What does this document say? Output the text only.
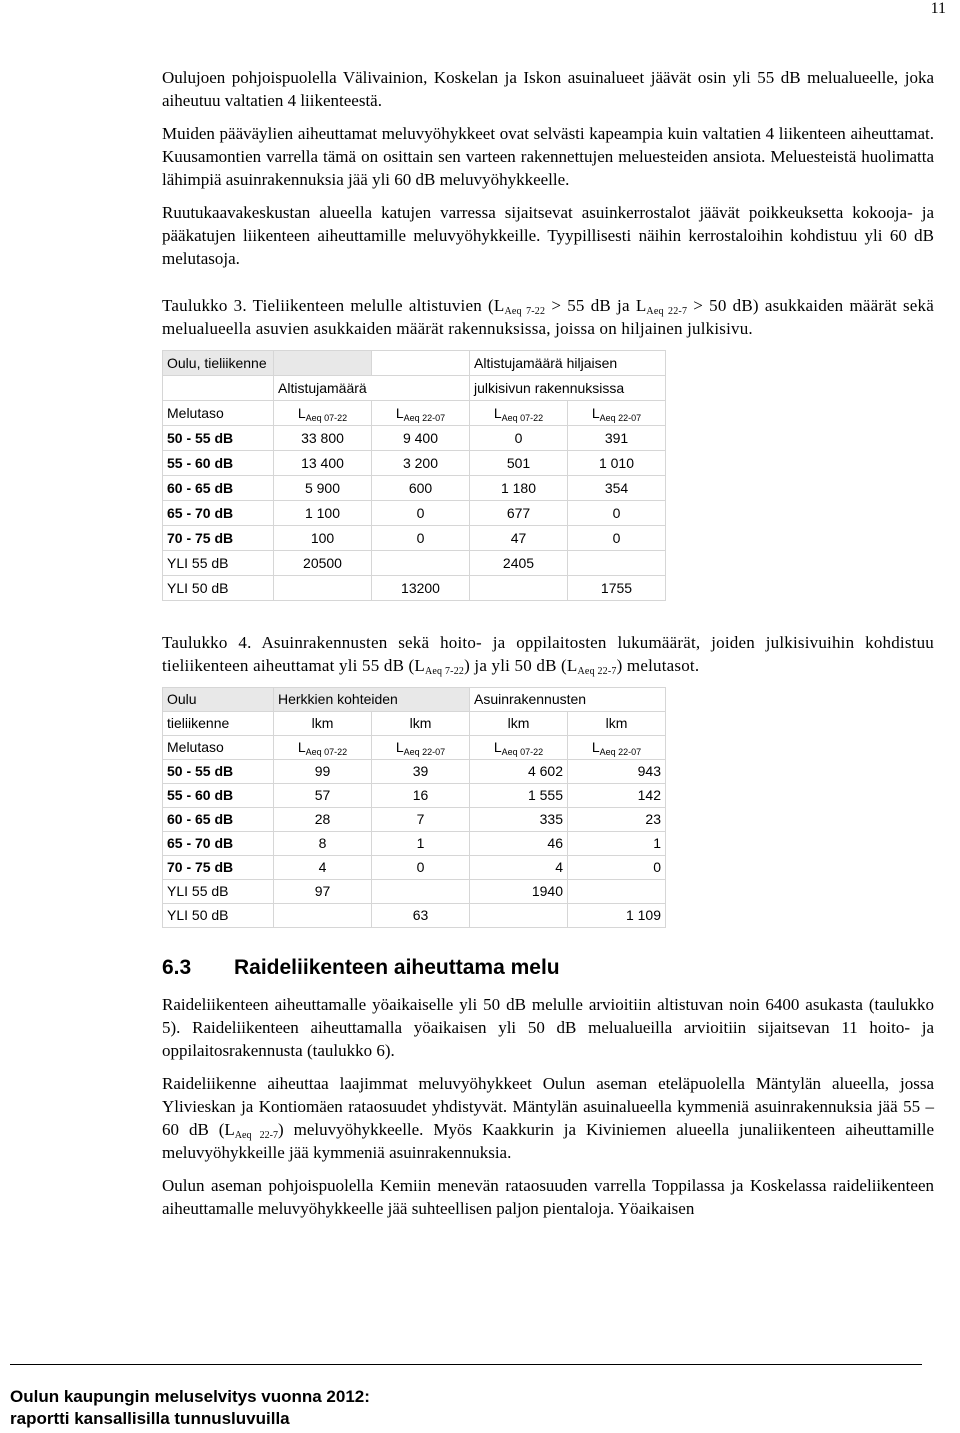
11

Oulujoen pohjoispuolella Välivainion, Koskelan ja Iskon asuinalueet jäävät osin yli 55 dB melualueelle, joka aiheutuu valtatien 4 liikenteestä.

Muiden pääväylien aiheuttamat meluvyöhykkeet ovat selvästi kapeampia kuin valtatien 4 liikenteen aiheuttamat. Kuusamontien varrella tämä on osittain sen varteen rakennettujen meluesteiden ansiota. Meluesteistä huolimatta lähimpiä asuinrakennuksia jää yli 60 dB meluvyöhykkeelle.

Ruutukaavakeskustan alueella katujen varressa sijaitsevat asuinkerrostalot jäävät poikkeuksetta kokooja- ja pääkatujen liikenteen aiheuttamille meluvyöhykkeille. Tyypillisesti näihin kerrostaloihin kohdistuu yli 60 dB melutasoja.

Taulukko 3. Tieliikenteen melulle altistuvien ($L_{Aeq 7-22} > 55$ dB ja $L_{Aeq 22-7} > 50$ dB) asukkaiden määrät sekä melualueella asuvien asukkaiden määrät rakennuksissa, joissa on hiljainen julkisivu.

Oulu, tieliikenne			Altistujamäärä hiljaisen	
	Altistujamäärä		julkisivun rakennuksissa	
Melutaso	$L_{Aeq 07-22}$	$L_{Aeq 22-07}$	$L_{Aeq 07-22}$	$L_{Aeq 22-07}$
50 - 55 dB	33 800	9 400	0	391
55 - 60 dB	13 400	3 200	501	1 010
60 - 65 dB	5 900	600	1 180	354
65 - 70 dB	1 100	0	677	0
70 - 75 dB	100	0	47	0
YLI 55 dB	20500		2405	
YLI 50 dB		13200		1755

Taulukko 4. Asuinrakennusten sekä hoito- ja oppilaitosten lukumäärät, joiden julkisivuihin kohdistuu tieliikenteen aiheuttamat yli 55 dB $(L_{Aeq 7-22})$ ja yli 50 dB $(L_{Aeq 22-7})$ melutasot.

Oulu	Herkkien kohteiden		Asuinrakennusten	
tieliikenne	lkm	lkm	lkm	lkm
Melutaso	$L_{Aeq 07-22}$	$L_{Aeq 22-07}$	$L_{Aeq 07-22}$	$L_{Aeq 22-07}$
50 - 55 dB	99	39	4 602	943
55 - 60 dB	57	16	1 555	142
60 - 65 dB	28	7	335	23
65 - 70 dB	8	1	46	1
70 - 75 dB	4	0	4	0
YLI 55 dB	97		1940	
YLI 50 dB		63		1 109

6.3 Raideliikenteen aiheuttama melu

Raideliikenteen aiheuttamalle yöaikaiselle yli 50 dB melulle arvioitiin altistuvan noin 6400 asukasta (taulukko 5). Raideliikenteen aiheuttamalla yöaikaisen yli 50 dB melualueilla arvioitiin sijaitsevan 11 hoito- ja oppilaitosrakennusta (taulukko 6).

Raideliikenne aiheuttaa laajimmat meluvyöhykkeet Oulun aseman eteläpuolella Mäntylän alueella, jossa Ylivieskan ja Kontiomäen rataosuudet yhdistyvät. Mäntylän asuinalueella kymmeniä asuinrakennuksia jää 55 – 60 dB $(L_{Aeq 22-7})$ meluvyöhykkeelle. Myös Kaakkurin ja Kiviniemen alueella junaliikenteen aiheuttamille meluvyöhykkeille jää kymmeniä asuinrakennuksia.

Oulun aseman pohjoispuolella Kemiin menevän rataosuuden varrella Toppilassa ja Koskelassa raideliikenteen aiheuttamalle meluvyöhykkeelle jää suhteellisen paljon pientaloja. Yöaikaisen

Oulun kaupungin meluselvitys vuonna 2012:
raportti kansallisilla tunnusluvuilla
